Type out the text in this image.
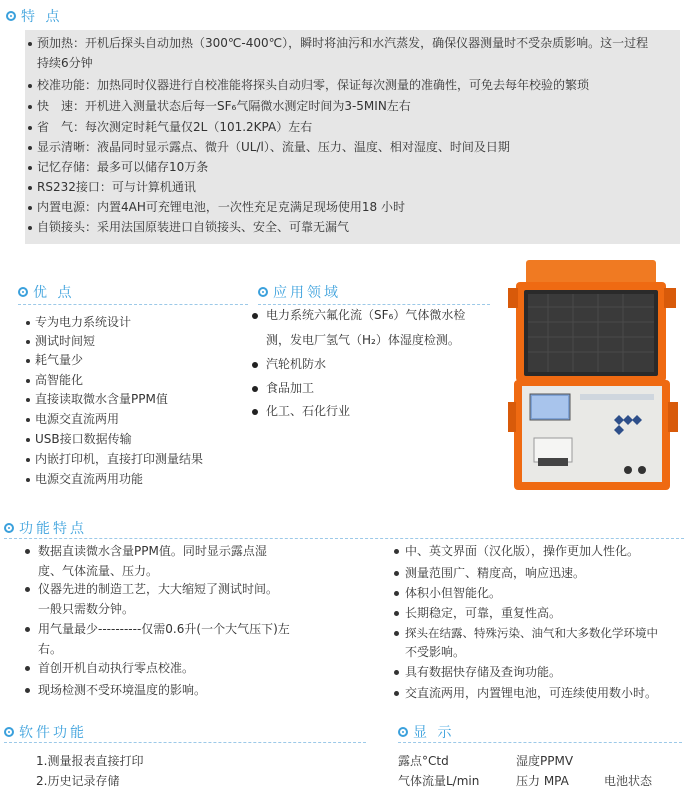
特 点
预加热：开机后探头自动加热（300℃-400℃），瞬时将油污和水汽蒸发，确保仪器测量时不受杂质影响。这一过程
持续6分钟
校准功能：加热同时仪器进行自校准能将探头自动归零，保证每次测量的准确性，可免去每年校验的繁琐
快　速：开机进入测量状态后每一SF₆气隔微水测定时间为3-5MIN左右
省　气：每次测定时耗气量仅2L（101.2KPA）左右
显示清晰：液晶同时显示露点、微升（UL/l）、流量、压力、温度、相对湿度、时间及日期
记忆存储：最多可以储存10万条
RS232接口：可与计算机通讯
内置电源：内置4AH可充锂电池，一次性充足克满足现场使用18 小时
自锁接头：采用法国原装进口自锁接头、安全、可靠无漏气
优 点
专为电力系统设计
测试时间短
耗气量少
高智能化
直接读取微水含量PPM值
电源交直流两用
USB接口数据传输
内嵌打印机，直接打印测量结果
电源交直流两用功能
应用领域
电力系统六氟化流（SF₆）气体微水检
测，发电厂氢气（H₂）体湿度检测。
汽轮机防水
食品加工
化工、石化行业
功能特点
数据直读微水含量PPM值。同时显示露点湿
度、气体流量、压力。
仪器先进的制造工艺，大大缩短了测试时间。
一般只需数分钟。
用气量最少----------仅需0.6升(一个大气压下)左
右。
首创开机自动执行零点校准。
现场检测不受环境温度的影响。
中、英文界面（汉化版），操作更加人性化。
测量范围广、精度高，响应迅速。
体积小但智能化。
长期稳定，可靠，重复性高。
探头在结露、特殊污染、油气和大多数化学环境中
不受影响。
具有数据快存储及查询功能。
交直流两用，内置锂电池，可连续使用数小时。
软件功能
1.测量报表直接打印
2.历史记录存储
显 示
露点°Ctd	湿度PPMV
气体流量L/min	压力 MPA	电池状态
